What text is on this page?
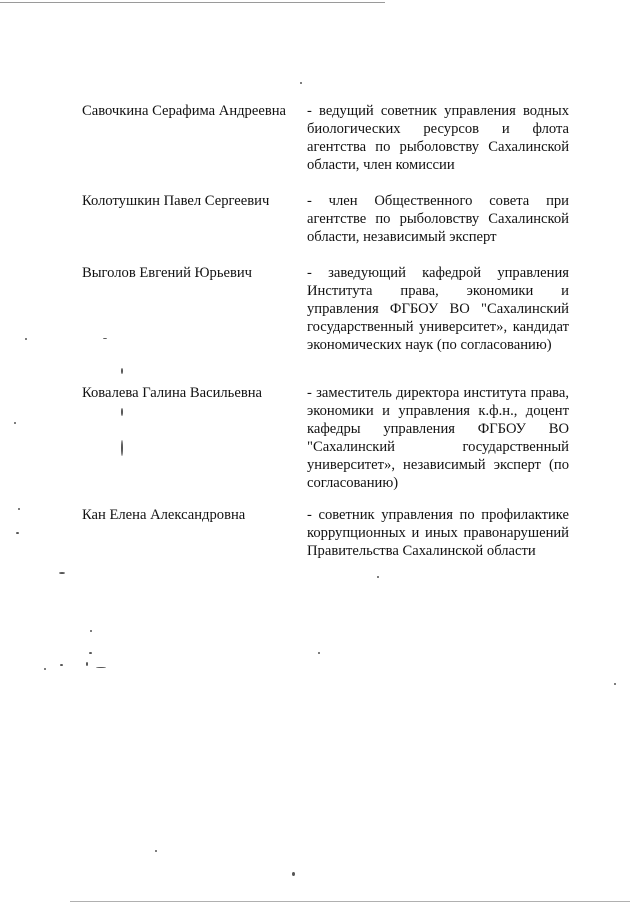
Савочкина Серафима Андреевна	- ведущий советник управления водных биологических ресурсов и флота агентства по рыболовству Сахалинской области, член комиссии
Колотушкин Павел Сергеевич	- член Общественного совета при агентстве по рыболовству Сахалинской области, независимый эксперт
Выголов Евгений Юрьевич	- заведующий кафедрой управления Института права, экономики и управления ФГБОУ ВО "Сахалинский государственный университет», кандидат экономических наук (по согласованию)
Ковалева Галина Васильевна	- заместитель директора института права, экономики и управления к.ф.н., доцент кафедры управления ФГБОУ ВО "Сахалинский государственный университет», независимый эксперт (по согласованию)
Кан Елена Александровна	- советник управления по профилактике коррупционных и иных правонарушений Правительства Сахалинской области
